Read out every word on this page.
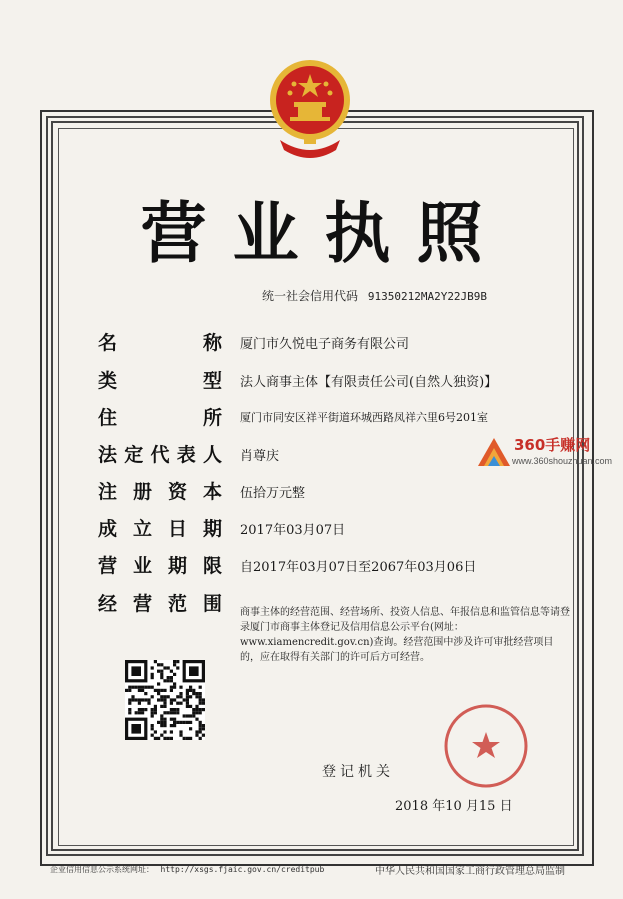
营业执照
统一社会信用代码 91350212MA2Y22JB9B
名称 厦门市久悦电子商务有限公司
类型 法人商事主体【有限责任公司(自然人独资)】
住所 厦门市同安区祥平街道环城西路凤祥六里6号201室
法定代表人 肖尊庆
注册资本 伍拾万元整
成立日期 2017年03月07日
营业期限 自2017年03月07日至2067年03月06日
经营范围 商事主体的经营范围、经营场所、投资人信息、年报信息和监管信息等请登录厦门市商事主体登记及信用信息公示平台(网址：www.xiamencredit.gov.cn)查询。经营范围中涉及许可审批经营项目的，应在取得有关部门的许可后方可经营。
登记机关
2018 年10 月15 日
企业信用信息公示系统网址： http://xsgs.fjaic.gov.cn/creditpub	中华人民共和国国家工商行政管理总局监制
360手赚网
www.360shouzhuan.com
